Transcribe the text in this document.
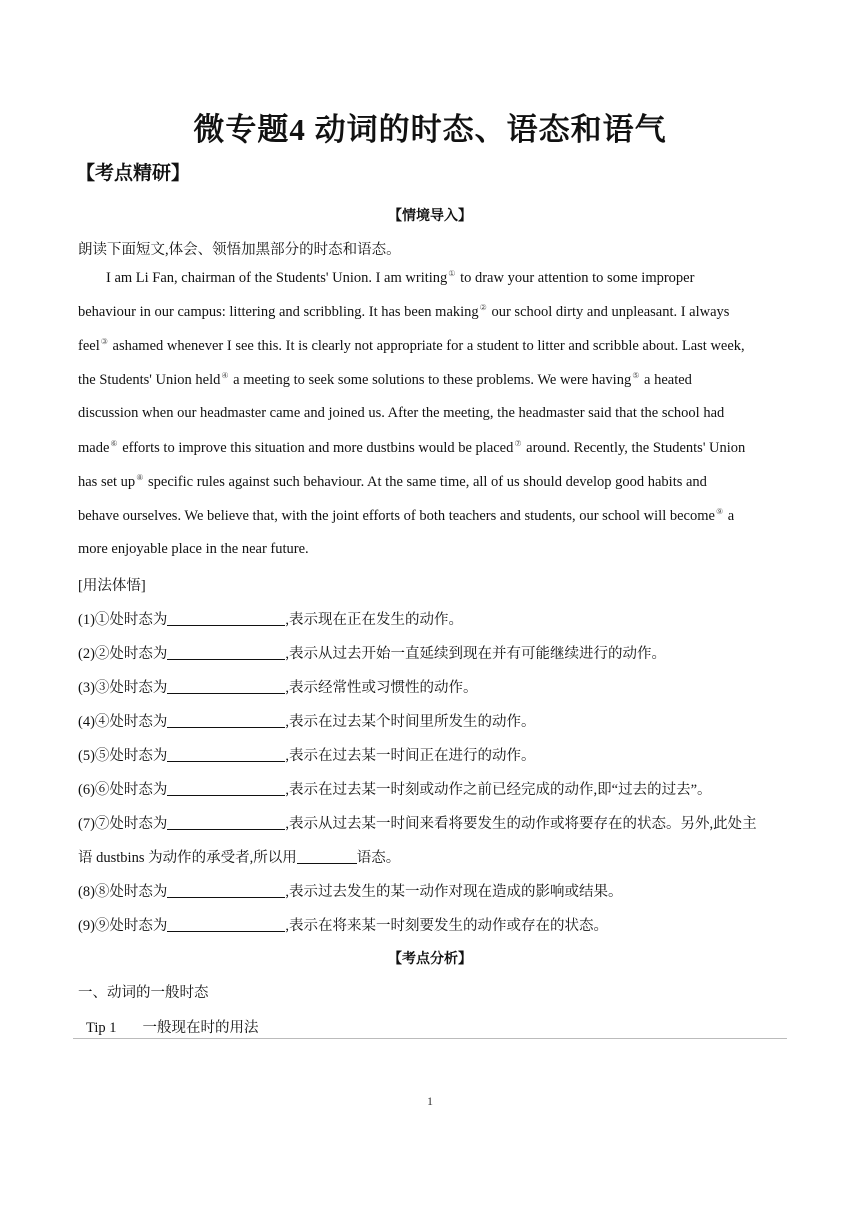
微专题4 动词的时态、语态和语气
【考点精研】
【情境导入】
朗读下面短文,体会、领悟加黑部分的时态和语态。
I am Li Fan, chairman of the Students' Union. I am writing① to draw your attention to some improper
behaviour in our campus: littering and scribbling. It has been making② our school dirty and unpleasant. I always
feel③ ashamed whenever I see this. It is clearly not appropriate for a student to litter and scribble about. Last week,
the Students' Union held④ a meeting to seek some solutions to these problems. We were having⑤ a heated
discussion when our headmaster came and joined us. After the meeting, the headmaster said that the school had
made⑥ efforts to improve this situation and more dustbins would be placed⑦ around. Recently, the Students' Union
has set up⑧ specific rules against such behaviour. At the same time, all of us should develop good habits and
behave ourselves. We believe that, with the joint efforts of both teachers and students, our school will become⑨ a
more enjoyable place in the near future.
[用法体悟]
(1)①处时态为	,表示现在正在发生的动作。
(2)②处时态为	,表示从过去开始一直延续到现在并有可能继续进行的动作。
(3)③处时态为	,表示经常性或习惯性的动作。
(4)④处时态为	,表示在过去某个时间里所发生的动作。
(5)⑤处时态为	,表示在过去某一时间正在进行的动作。
(6)⑥处时态为	,表示在过去某一时刻或动作之前已经完成的动作,即“过去的过去”。
(7)⑦处时态为	,表示从过去某一时间来看将要发生的动作或将要存在的状态。另外,此处主
语 dustbins 为动作的承受者,所以用	语态。
(8)⑧处时态为	,表示过去发生的某一动作对现在造成的影响或结果。
(9)⑨处时态为	,表示在将来某一时刻要发生的动作或存在的状态。
【考点分析】
一、动词的一般时态
Tip 1 一般现在时的用法
1
